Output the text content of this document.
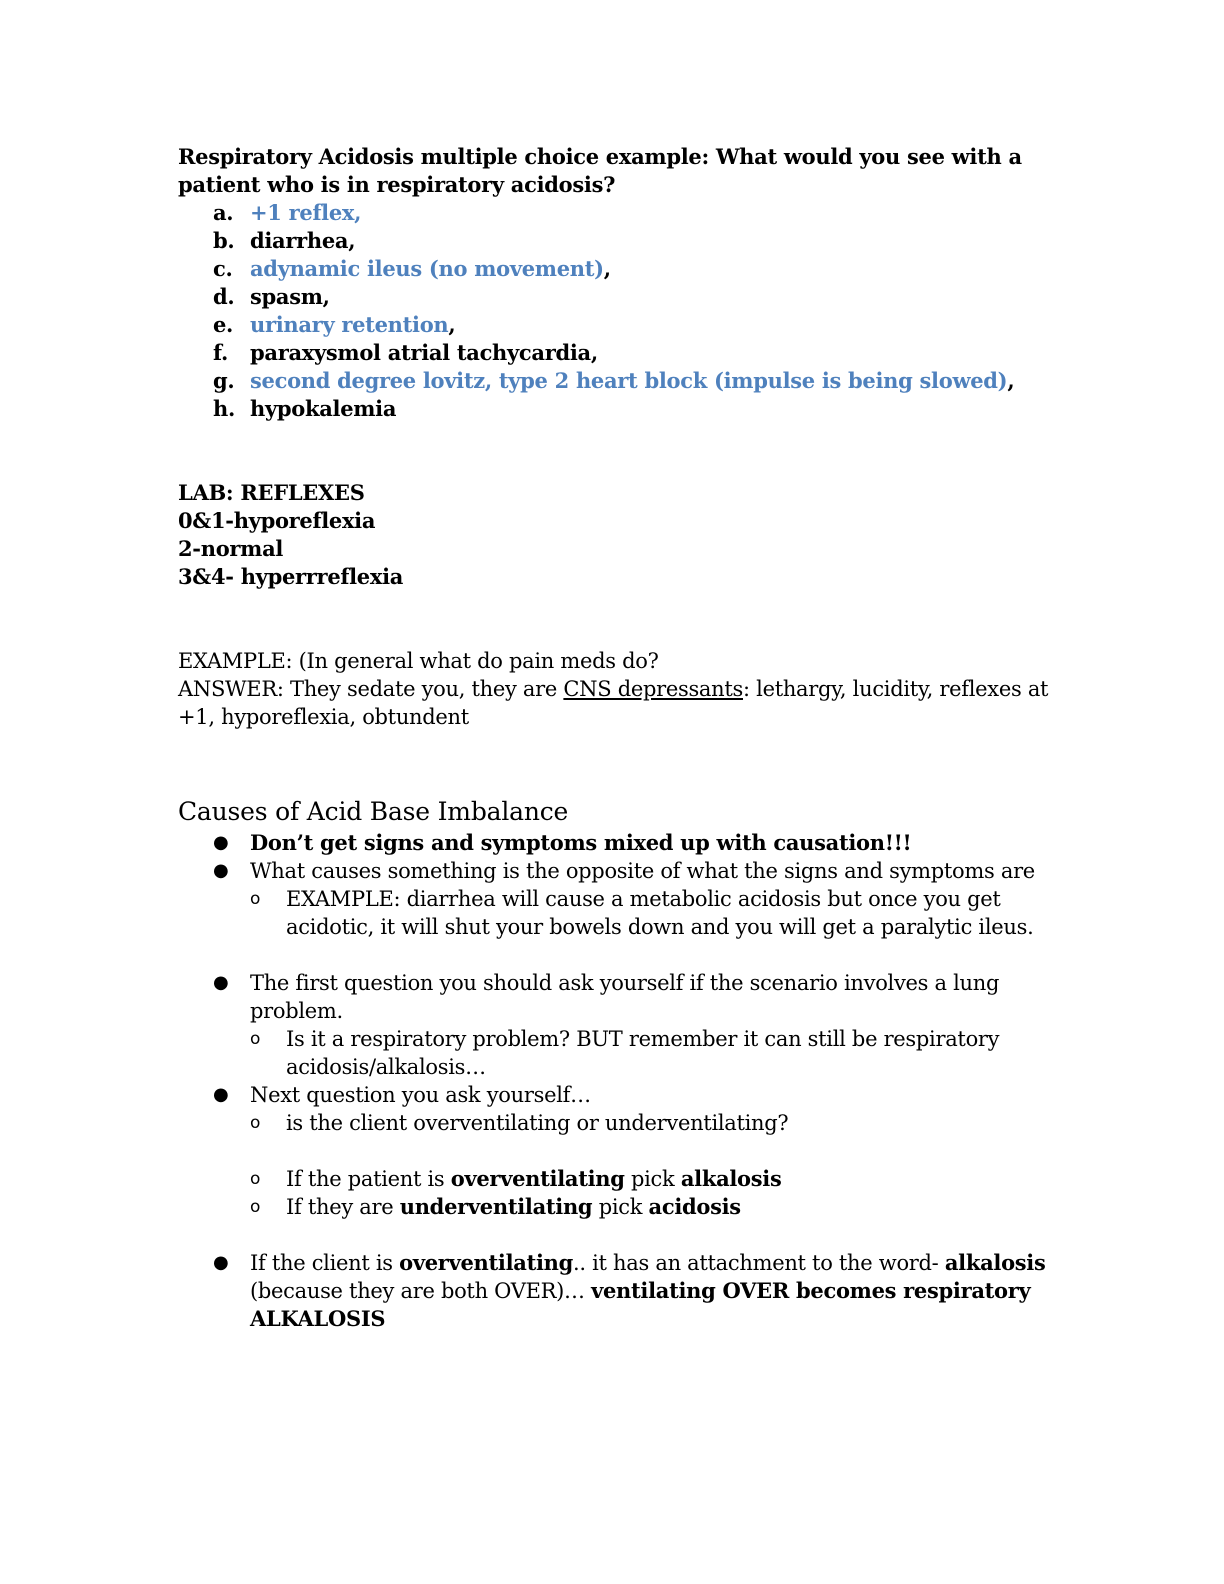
Respiratory Acidosis multiple choice example: What would you see with a patient who is in respiratory acidosis?

a. +1 reflex,
b. diarrhea,
c. adynamic ileus (no movement),
d. spasm,
e. urinary retention,
f.	paraxysmol atrial tachycardia,
g. second degree lovitz, type 2 heart block (impulse is being slowed),
h. hypokalemia

LAB: REFLEXES

0&1-hyporeflexia

2-normal

3&4- hyperrreflexia

EXAMPLE: (In general what do pain meds do?

ANSWER: They sedate you, they are CNS depressants: lethargy, lucidity, reflexes at +1, hyporeflexia, obtundent

Causes of Acid Base Imbalance
● Don’t get signs and symptoms mixed up with causation!!!
● What causes something is the opposite of what the signs and symptoms are
o EXAMPLE: diarrhea will cause a metabolic acidosis but once you get acidotic, it will shut your bowels down and you will get a paralytic ileus.
● The first question you should ask yourself if the scenario involves a lung problem.
o Is it a respiratory problem? BUT remember it can still be respiratory acidosis/alkalosis…
● Next question you ask yourself…
o is the client overventilating or underventilating?
o If the patient is overventilating pick alkalosis
o If they are underventilating pick acidosis
● If the client is overventilating.. it has an attachment to the word- alkalosis (because they are both OVER)… ventilating OVER becomes respiratory ALKALOSIS
